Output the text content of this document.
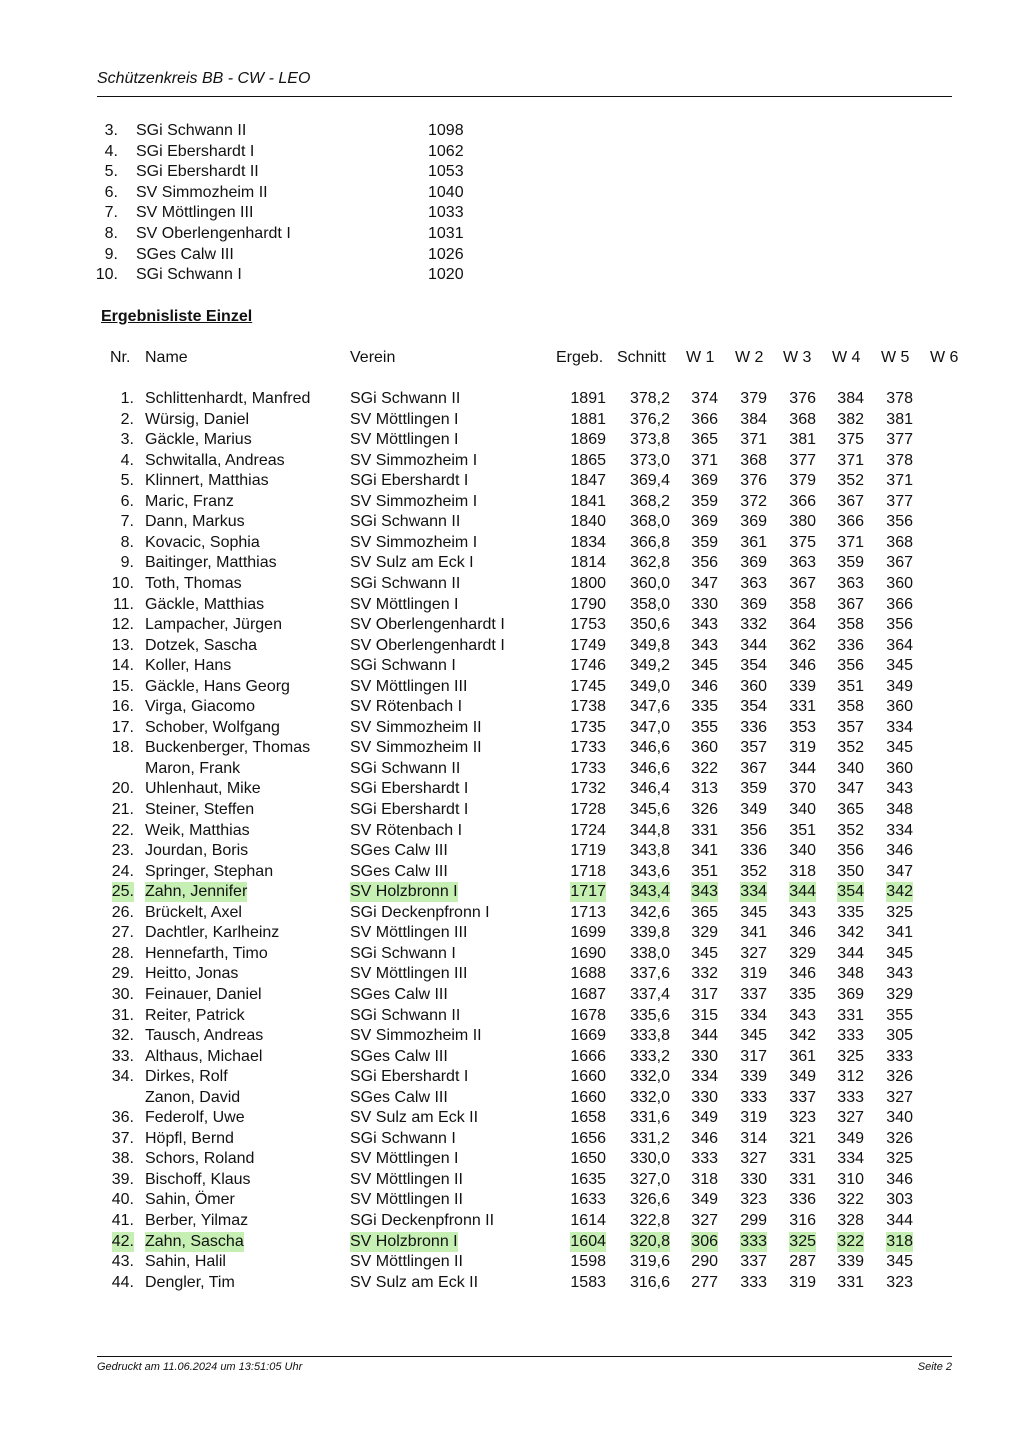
Schützenkreis BB - CW - LEO
3. SGi Schwann II	1098
4. SGi Ebershardt I	1062
5. SGi Ebershardt II	1053
6. SV Simmozheim II	1040
7. SV Möttlingen III	1033
8. SV Oberlengenhardt I	1031
9. SGes Calw III	1026
10. SGi Schwann I	1020
Ergebnisliste Einzel
Nr. Name	Verein	Ergeb. Schnitt W 1 W 2 W 3 W 4 W 5 W 6
1. Schlittenhardt, Manfred SGi Schwann II	1891 378,2 374 379 376 384 378
2. Würsig, Daniel	SV Möttlingen I	1881 376,2 366 384 368 382 381
3. Gäckle, Marius	SV Möttlingen I	1869 373,8 365 371 381 375 377
4. Schwitalla, Andreas	SV Simmozheim I	1865 373,0 371 368 377 371 378
5. Klinnert, Matthias	SGi Ebershardt I	1847 369,4 369 376 379 352 371
6. Maric, Franz	SV Simmozheim I	1841 368,2 359 372 366 367 377
7. Dann, Markus	SGi Schwann II	1840 368,0 369 369 380 366 356
8. Kovacic, Sophia	SV Simmozheim I	1834 366,8 359 361 375 371 368
9. Baitinger, Matthias	SV Sulz am Eck I	1814 362,8 356 369 363 359 367
10. Toth, Thomas	SGi Schwann II	1800 360,0 347 363 367 363 360
11. Gäckle, Matthias	SV Möttlingen I	1790 358,0 330 369 358 367 366
12. Lampacher, Jürgen	SV Oberlengenhardt I	1753 350,6 343 332 364 358 356
13. Dotzek, Sascha	SV Oberlengenhardt I	1749 349,8 343 344 362 336 364
14. Koller, Hans	SGi Schwann I	1746 349,2 345 354 346 356 345
15. Gäckle, Hans Georg	SV Möttlingen III	1745 349,0 346 360 339 351 349
16. Virga, Giacomo	SV Rötenbach I	1738 347,6 335 354 331 358 360
17. Schober, Wolfgang	SV Simmozheim II	1735 347,0 355 336 353 357 334
18. Buckenberger, Thomas SV Simmozheim II	1733 346,6 360 357 319 352 345
Maron, Frank	SGi Schwann II	1733 346,6 322 367 344 340 360
20. Uhlenhaut, Mike	SGi Ebershardt I	1732 346,4 313 359 370 347 343
21. Steiner, Steffen	SGi Ebershardt I	1728 345,6 326 349 340 365 348
22. Weik, Matthias	SV Rötenbach I	1724 344,8 331 356 351 352 334
23. Jourdan, Boris	SGes Calw III	1719 343,8 341 336 340 356 346
24. Springer, Stephan	SGes Calw III	1718 343,6 351 352 318 350 347
25. Zahn, Jennifer	SV Holzbronn I	1717 343,4 343 334 344 354 342
26. Brückelt, Axel	SGi Deckenpfronn I	1713 342,6 365 345 343 335 325
27. Dachtler, Karlheinz	SV Möttlingen III	1699 339,8 329 341 346 342 341
28. Hennefarth, Timo	SGi Schwann I	1690 338,0 345 327 329 344 345
29. Heitto, Jonas	SV Möttlingen III	1688 337,6 332 319 346 348 343
30. Feinauer, Daniel	SGes Calw III	1687 337,4 317 337 335 369 329
31. Reiter, Patrick	SGi Schwann II	1678 335,6 315 334 343 331 355
32. Tausch, Andreas	SV Simmozheim II	1669 333,8 344 345 342 333 305
33. Althaus, Michael	SGes Calw III	1666 333,2 330 317 361 325 333
34. Dirkes, Rolf	SGi Ebershardt I	1660 332,0 334 339 349 312 326
Zanon, David	SGes Calw III	1660 332,0 330 333 337 333 327
36. Federolf, Uwe	SV Sulz am Eck II	1658 331,6 349 319 323 327 340
37. Höpfl, Bernd	SGi Schwann I	1656 331,2 346 314 321 349 326
38. Schors, Roland	SV Möttlingen I	1650 330,0 333 327 331 334 325
39. Bischoff, Klaus	SV Möttlingen II	1635 327,0 318 330 331 310 346
40. Sahin, Ömer	SV Möttlingen II	1633 326,6 349 323 336 322 303
41. Berber, Yilmaz	SGi Deckenpfronn II	1614 322,8 327 299 316 328 344
42. Zahn, Sascha	SV Holzbronn I	1604 320,8 306 333 325 322 318
43. Sahin, Halil	SV Möttlingen II	1598 319,6 290 337 287 339 345
44. Dengler, Tim	SV Sulz am Eck II	1583 316,6 277 333 319 331 323
Gedruckt am 11.06.2024 um 13:51:05 Uhr	Seite 2
